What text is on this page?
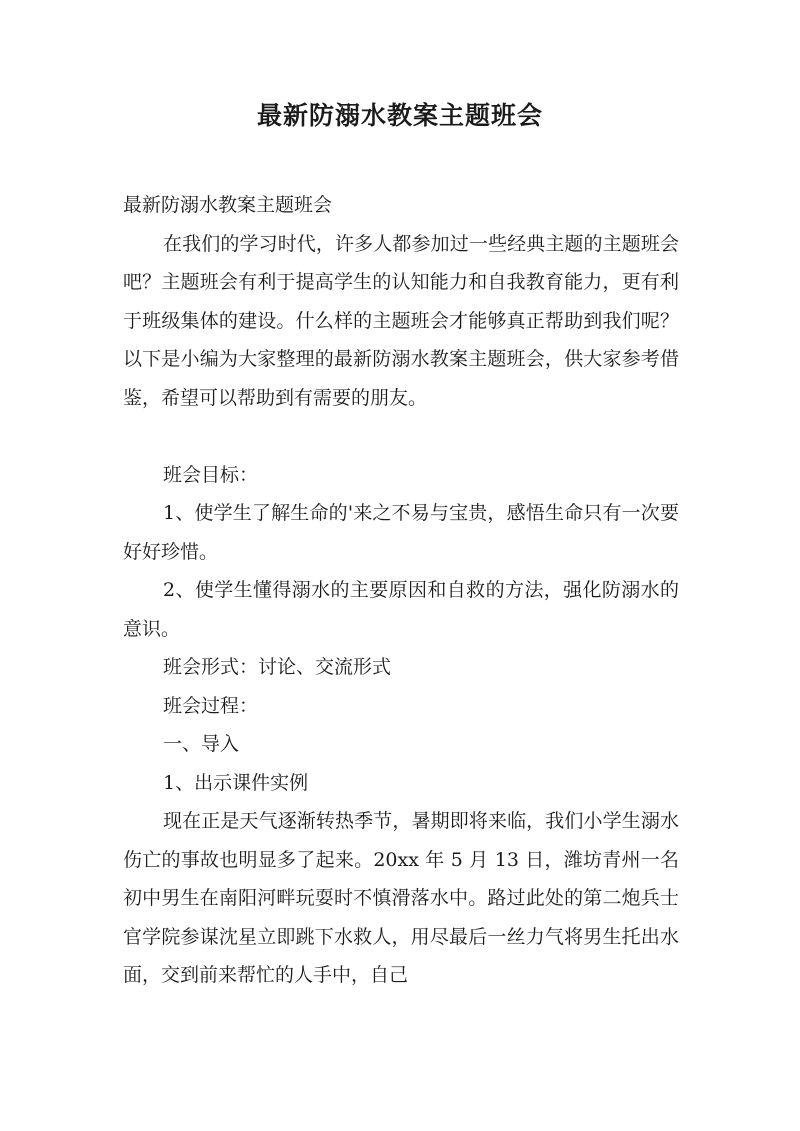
最新防溺水教案主题班会

最新防溺水教案主题班会

在我们的学习时代，许多人都参加过一些经典主题的主题班会吧？主题班会有利于提高学生的认知能力和自我教育能力，更有利于班级集体的建设。什么样的主题班会才能够真正帮助到我们呢？以下是小编为大家整理的最新防溺水教案主题班会，供大家参考借鉴，希望可以帮助到有需要的朋友。

班会目标：

1、使学生了解生命的'来之不易与宝贵，感悟生命只有一次要好好珍惜。

2、使学生懂得溺水的主要原因和自救的方法，强化防溺水的意识。

班会形式：讨论、交流形式

班会过程：

一、导入

1、出示课件实例

现在正是天气逐渐转热季节，暑期即将来临，我们小学生溺水伤亡的事故也明显多了起来。20xx 年 5 月 13 日，潍坊青州一名初中男生在南阳河畔玩耍时不慎滑落水中。路过此处的第二炮兵士官学院参谋沈星立即跳下水救人，用尽最后一丝力气将男生托出水面，交到前来帮忙的人手中，自己
